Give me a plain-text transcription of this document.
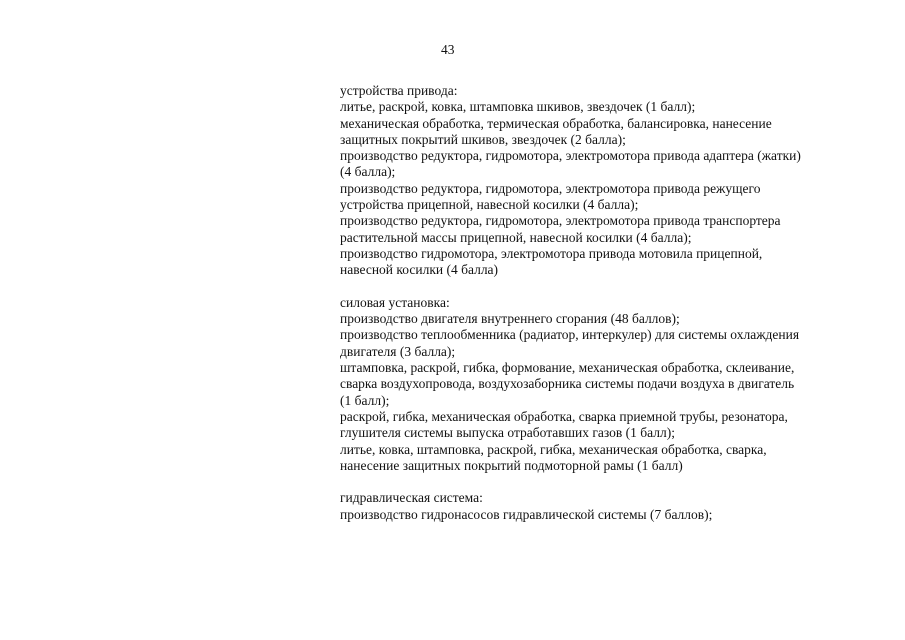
43

устройства привода:
литье, раскрой, ковка, штамповка шкивов, звездочек (1 балл);
механическая обработка, термическая обработка, балансировка, нанесение
защитных покрытий шкивов, звездочек (2 балла);
производство редуктора, гидромотора, электромотора привода адаптера (жатки)
(4 балла);
производство редуктора, гидромотора, электромотора привода режущего
устройства прицепной, навесной косилки (4 балла);
производство редуктора, гидромотора, электромотора привода транспортера
растительной массы прицепной, навесной косилки (4 балла);
производство гидромотора, электромотора привода мотовила прицепной,
навесной косилки (4 балла)
силовая установка:
производство двигателя внутреннего сгорания (48 баллов);
производство теплообменника (радиатор, интеркулер) для системы охлаждения
двигателя (3 балла);
штамповка, раскрой, гибка, формование, механическая обработка, склеивание,
сварка воздухопровода, воздухозаборника системы подачи воздуха в двигатель
(1 балл);
раскрой, гибка, механическая обработка, сварка приемной трубы, резонатора,
глушителя системы выпуска отработавших газов (1 балл);
литье, ковка, штамповка, раскрой, гибка, механическая обработка, сварка,
нанесение защитных покрытий подмоторной рамы (1 балл)
гидравлическая система:
производство гидронасосов гидравлической системы (7 баллов);
